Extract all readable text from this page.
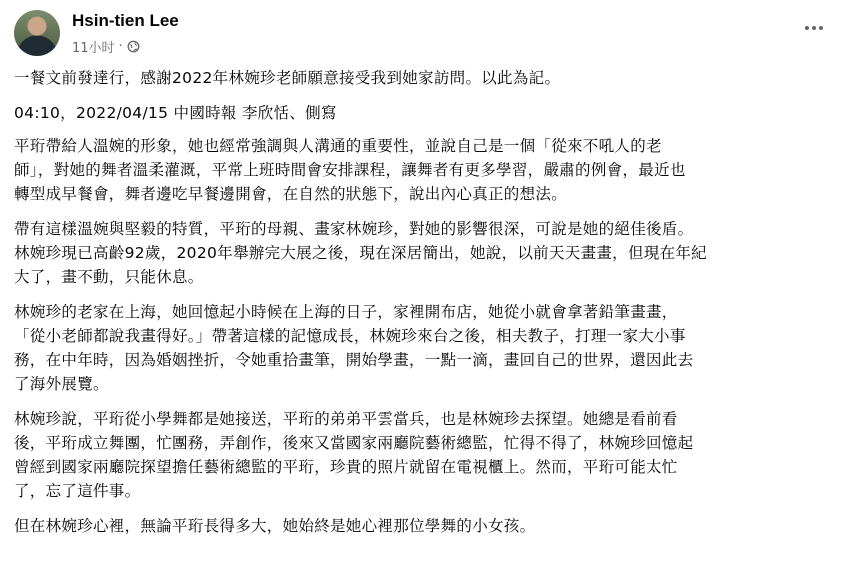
Hsin-tien Lee
11小时 ·

一餐文前發達行，感謝2022年林婉珍老師願意接受我到她家訪問。以此為記。

04:10，2022/04/15 中國時報 李欣恬、側寫

平珩帶給人溫婉的形象，她也經常強調與人溝通的重要性，並說自己是一個「從來不吼人的老
師」，對她的舞者溫柔灌溉，平常上班時間會安排課程，讓舞者有更多學習，嚴肅的例會，最近也
轉型成早餐會，舞者邊吃早餐邊開會，在自然的狀態下，說出內心真正的想法。

帶有這樣溫婉與堅毅的特質，平珩的母親、畫家林婉珍，對她的影響很深，可說是她的絕佳後盾。
林婉珍現已高齡92歲，2020年舉辦完大展之後，現在深居簡出，她說，以前天天畫畫，但現在年紀
大了，畫不動，只能休息。

林婉珍的老家在上海，她回憶起小時候在上海的日子，家裡開布店，她從小就會拿著鉛筆畫畫，
「從小老師都說我畫得好。」帶著這樣的記憶成長，林婉珍來台之後，相夫教子，打理一家大小事
務，在中年時，因為婚姻挫折，令她重拾畫筆，開始學畫，一點一滴，畫回自己的世界，還因此去
了海外展覽。

林婉珍說，平珩從小學舞都是她接送，平珩的弟弟平雲當兵，也是林婉珍去探望。她總是看前看
後，平珩成立舞團，忙團務，弄創作，後來又當國家兩廳院藝術總監，忙得不得了，林婉珍回憶起
曾經到國家兩廳院探望擔任藝術總監的平珩，珍貴的照片就留在電視櫃上。然而，平珩可能太忙
了，忘了這件事。

但在林婉珍心裡，無論平珩長得多大，她始終是她心裡那位學舞的小女孩。
